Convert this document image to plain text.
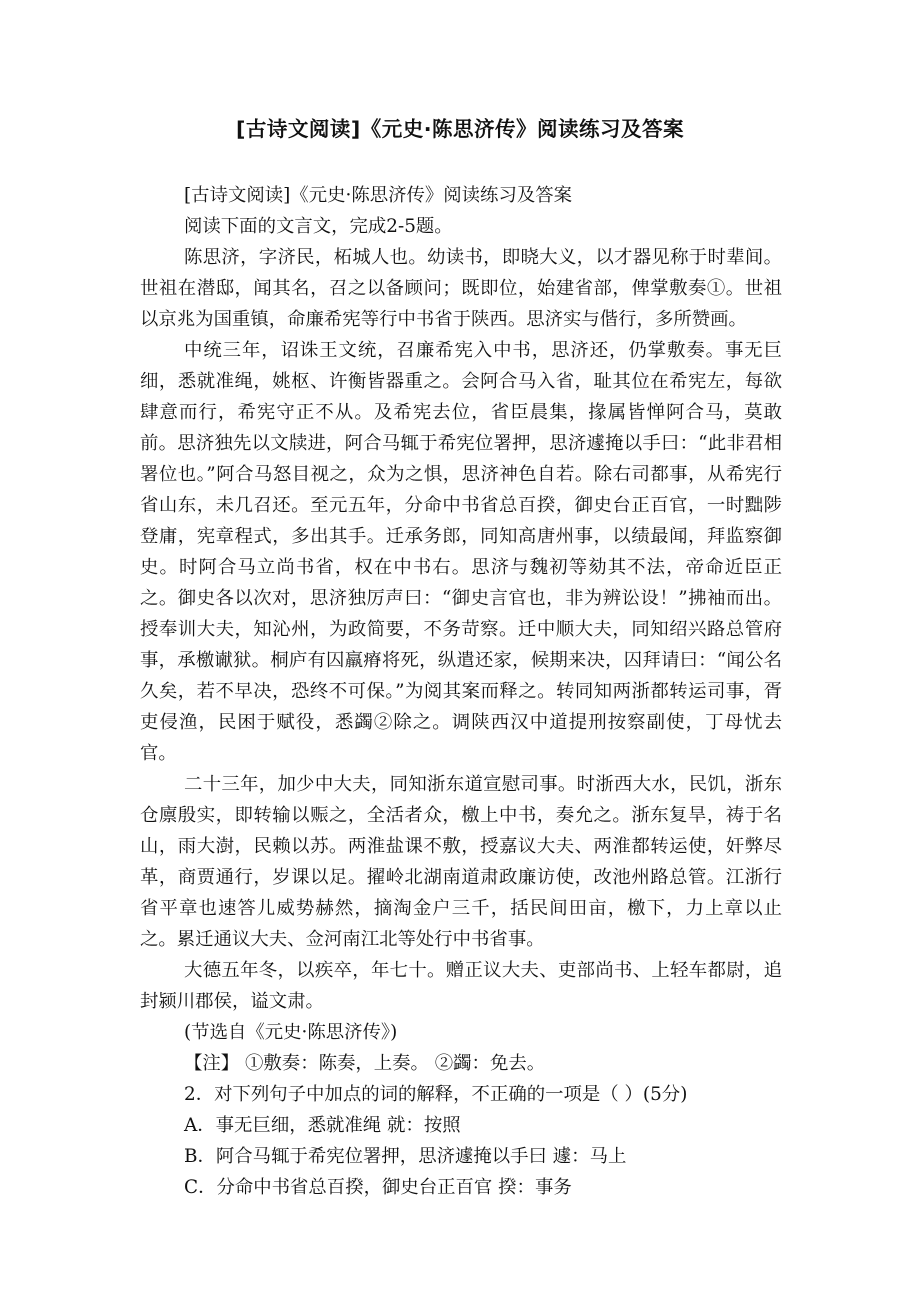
[古诗文阅读]《元史·陈思济传》阅读练习及答案

[古诗文阅读]《元史·陈思济传》阅读练习及答案

阅读下面的文言文，完成2-5题。

陈思济，字济民，柘城人也。幼读书，即晓大义，以才器见称于时辈间。世祖在潜邸，闻其名，召之以备顾问；既即位，始建省部，俾掌敷奏①。世祖以京兆为国重镇，命廉希宪等行中书省于陕西。思济实与偕行，多所赞画。

中统三年，诏诛王文统，召廉希宪入中书，思济还，仍掌敷奏。事无巨细，悉就准绳，姚枢、许衡皆器重之。会阿合马入省，耻其位在希宪左，每欲肆意而行，希宪守正不从。及希宪去位，省臣晨集，掾属皆惮阿合马，莫敢前。思济独先以文牍进，阿合马辄于希宪位署押，思济遽掩以手曰：“此非君相署位也。”阿合马怒目视之，众为之惧，思济神色自若。除右司都事，从希宪行省山东，未几召还。至元五年，分命中书省总百揆，御史台正百官，一时黜陟登庸，宪章程式，多出其手。迁承务郎，同知高唐州事，以绩最闻，拜监察御史。时阿合马立尚书省，权在中书右。思济与魏初等劾其不法，帝命近臣正之。御史各以次对，思济独厉声曰：“御史言官也，非为辨讼设！”拂袖而出。授奉训大夫，知沁州，为政简要，不务苛察。迁中顺大夫，同知绍兴路总管府事，承檄谳狱。桐庐有囚羸瘠将死，纵遣还家，候期来决，囚拜请曰：“闻公名久矣，若不早决，恐终不可保。”为阅其案而释之。转同知两浙都转运司事，胥吏侵渔，民困于赋役，悉蠲②除之。调陕西汉中道提刑按察副使，丁母忧去官。

二十三年，加少中大夫，同知浙东道宣慰司事。时浙西大水，民饥，浙东仓廪殷实，即转输以赈之，全活者众，檄上中书，奏允之。浙东复旱，祷于名山，雨大澍，民赖以苏。两淮盐课不敷，授嘉议大夫、两淮都转运使，奸弊尽革，商贾通行，岁课以足。擢岭北湖南道肃政廉访使，改池州路总管。江浙行省平章也速答儿威势赫然，摘淘金户三千，括民间田亩，檄下，力上章以止之。累迁通议大夫、佥河南江北等处行中书省事。

大德五年冬，以疾卒，年七十。赠正议大夫、吏部尚书、上轻车都尉，追封颍川郡侯，谥文肃。

(节选自《元史·陈思济传》)

【注】 ①敷奏：陈奏，上奏。 ②蠲：免去。

2．对下列句子中加点的词的解释，不正确的一项是（ ）(5分)

A．事无巨细，悉就准绳 就：按照

B．阿合马辄于希宪位署押，思济遽掩以手曰 遽：马上

C．分命中书省总百揆，御史台正百官 揆：事务
